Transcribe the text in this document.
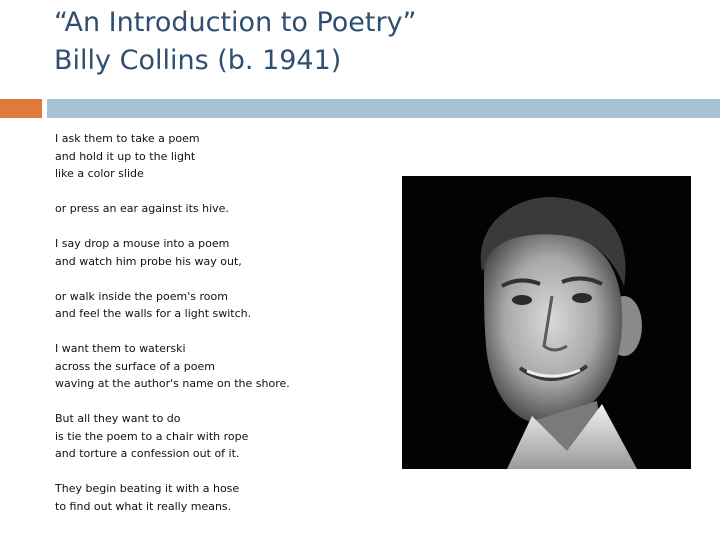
“An Introduction to Poetry”
Billy Collins (b. 1941)
I ask them to take a poem
and hold it up to the light
like a color slide
or press an ear against its hive.
I say drop a mouse into a poem
and watch him probe his way out,
or walk inside the poem's room
and feel the walls for a light switch.
I want them to waterski
across the surface of a poem
waving at the author's name on the shore.
But all they want to do
is tie the poem to a chair with rope
and torture a confession out of it.
They begin beating it with a hose
to find out what it really means.
